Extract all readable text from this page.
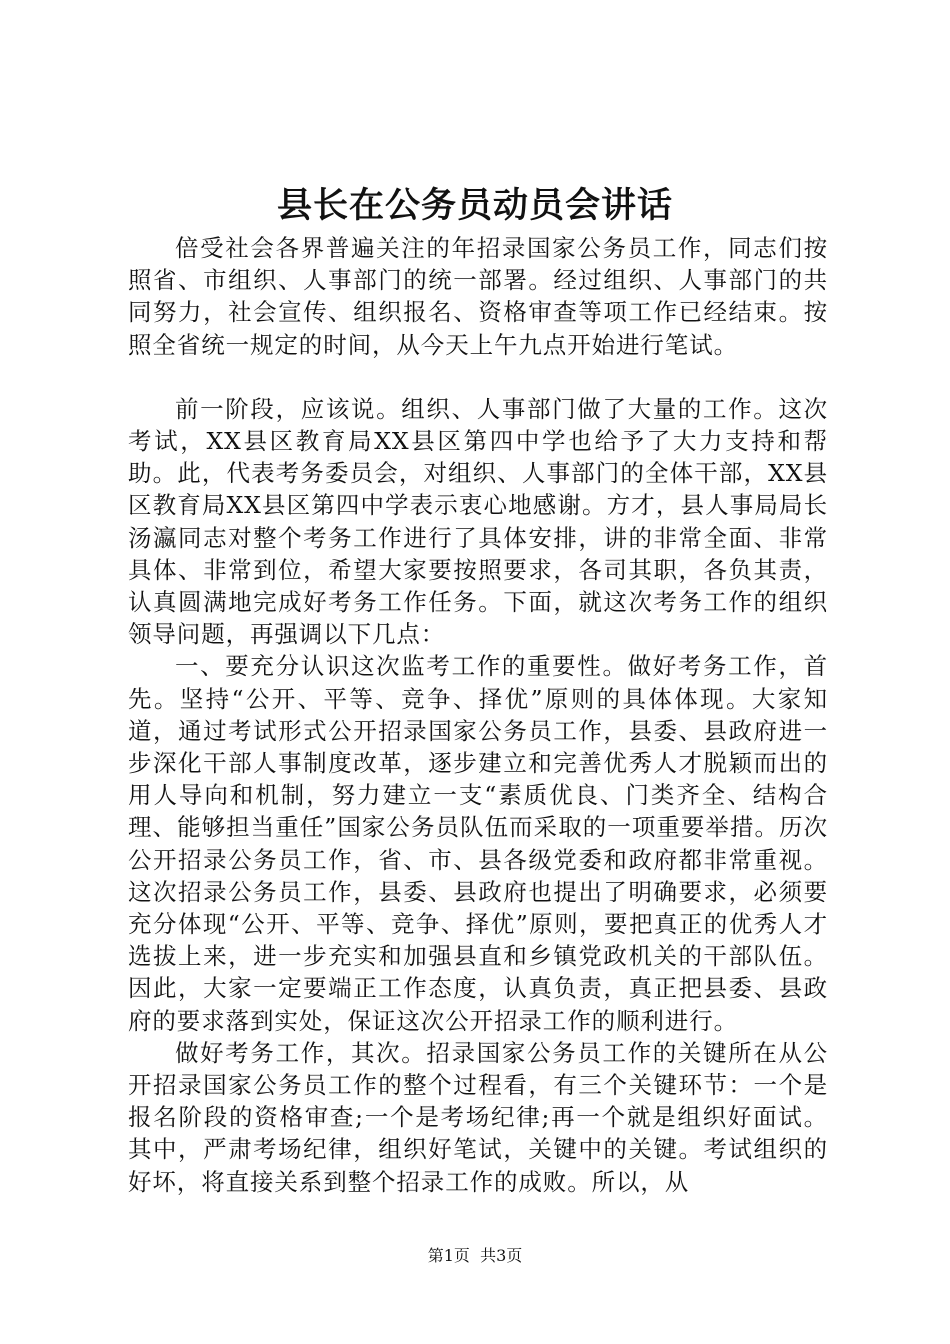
县长在公务员动员会讲话

倍受社会各界普遍关注的年招录国家公务员工作，同志们按照省、市组织、人事部门的统一部署。经过组织、人事部门的共同努力，社会宣传、组织报名、资格审查等项工作已经结束。按照全省统一规定的时间，从今天上午九点开始进行笔试。

前一阶段，应该说。组织、人事部门做了大量的工作。这次考试，XX县区教育局XX县区第四中学也给予了大力支持和帮助。此，代表考务委员会，对组织、人事部门的全体干部，XX县区教育局XX县区第四中学表示衷心地感谢。方才，县人事局局长汤瀛同志对整个考务工作进行了具体安排，讲的非常全面、非常具体、非常到位，希望大家要按照要求，各司其职，各负其责，认真圆满地完成好考务工作任务。下面，就这次考务工作的组织领导问题，再强调以下几点：

一、要充分认识这次监考工作的重要性。做好考务工作，首先。坚持“公开、平等、竞争、择优”原则的具体体现。大家知道，通过考试形式公开招录国家公务员工作，县委、县政府进一步深化干部人事制度改革，逐步建立和完善优秀人才脱颖而出的用人导向和机制，努力建立一支“素质优良、门类齐全、结构合理、能够担当重任”国家公务员队伍而采取的一项重要举措。历次公开招录公务员工作，省、市、县各级党委和政府都非常重视。这次招录公务员工作，县委、县政府也提出了明确要求，必须要充分体现“公开、平等、竞争、择优”原则，要把真正的优秀人才选拔上来，进一步充实和加强县直和乡镇党政机关的干部队伍。因此，大家一定要端正工作态度，认真负责，真正把县委、县政府的要求落到实处，保证这次公开招录工作的顺利进行。

做好考务工作，其次。招录国家公务员工作的关键所在从公开招录国家公务员工作的整个过程看，有三个关键环节：一个是报名阶段的资格审查;一个是考场纪律;再一个就是组织好面试。其中，严肃考场纪律，组织好笔试，关键中的关键。考试组织的好坏，将直接关系到整个招录工作的成败。所以，从

第1页 共3页
